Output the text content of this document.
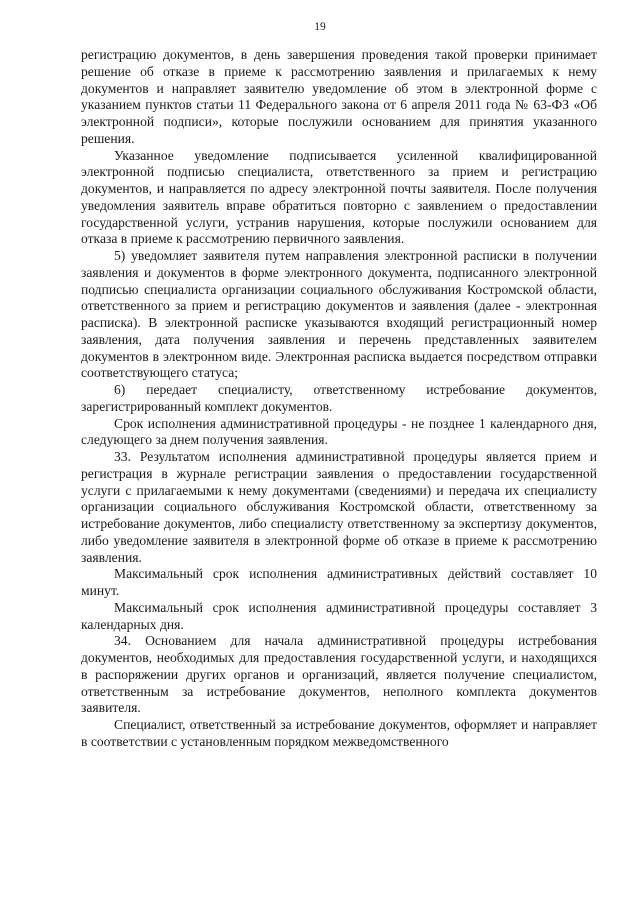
19

регистрацию документов, в день завершения проведения такой проверки принимает решение об отказе в приеме к рассмотрению заявления и прилагаемых к нему документов и направляет заявителю уведомление об этом в электронной форме с указанием пунктов статьи 11 Федерального закона от 6 апреля 2011 года № 63-ФЗ «Об электронной подписи», которые послужили основанием для принятия указанного решения.

Указанное уведомление подписывается усиленной квалифицированной электронной подписью специалиста, ответственного за прием и регистрацию документов, и направляется по адресу электронной почты заявителя. После получения уведомления заявитель вправе обратиться повторно с заявлением о предоставлении государственной услуги, устранив нарушения, которые послужили основанием для отказа в приеме к рассмотрению первичного заявления.

5) уведомляет заявителя путем направления электронной расписки в получении заявления и документов в форме электронного документа, подписанного электронной подписью специалиста организации социального обслуживания Костромской области, ответственного за прием и регистрацию документов и заявления (далее - электронная расписка). В электронной расписке указываются входящий регистрационный номер заявления, дата получения заявления и перечень представленных заявителем документов в электронном виде. Электронная расписка выдается посредством отправки соответствующего статуса;

6) передает специалисту, ответственному истребование документов, зарегистрированный комплект документов.

Срок исполнения административной процедуры - не позднее 1 календарного дня, следующего за днем получения заявления.

33. Результатом исполнения административной процедуры является прием и регистрация в журнале регистрации заявления о предоставлении государственной услуги с прилагаемыми к нему документами (сведениями) и передача их специалисту организации социального обслуживания Костромской области, ответственному за истребование документов, либо специалисту ответственному за экспертизу документов, либо уведомление заявителя в электронной форме об отказе в приеме к рассмотрению заявления.

Максимальный срок исполнения административных действий составляет 10 минут.

Максимальный срок исполнения административной процедуры составляет 3 календарных дня.

34. Основанием для начала административной процедуры истребования документов, необходимых для предоставления государственной услуги, и находящихся в распоряжении других органов и организаций, является получение специалистом, ответственным за истребование документов, неполного комплекта документов заявителя.

Специалист, ответственный за истребование документов, оформляет и направляет в соответствии с установленным порядком межведомственного
